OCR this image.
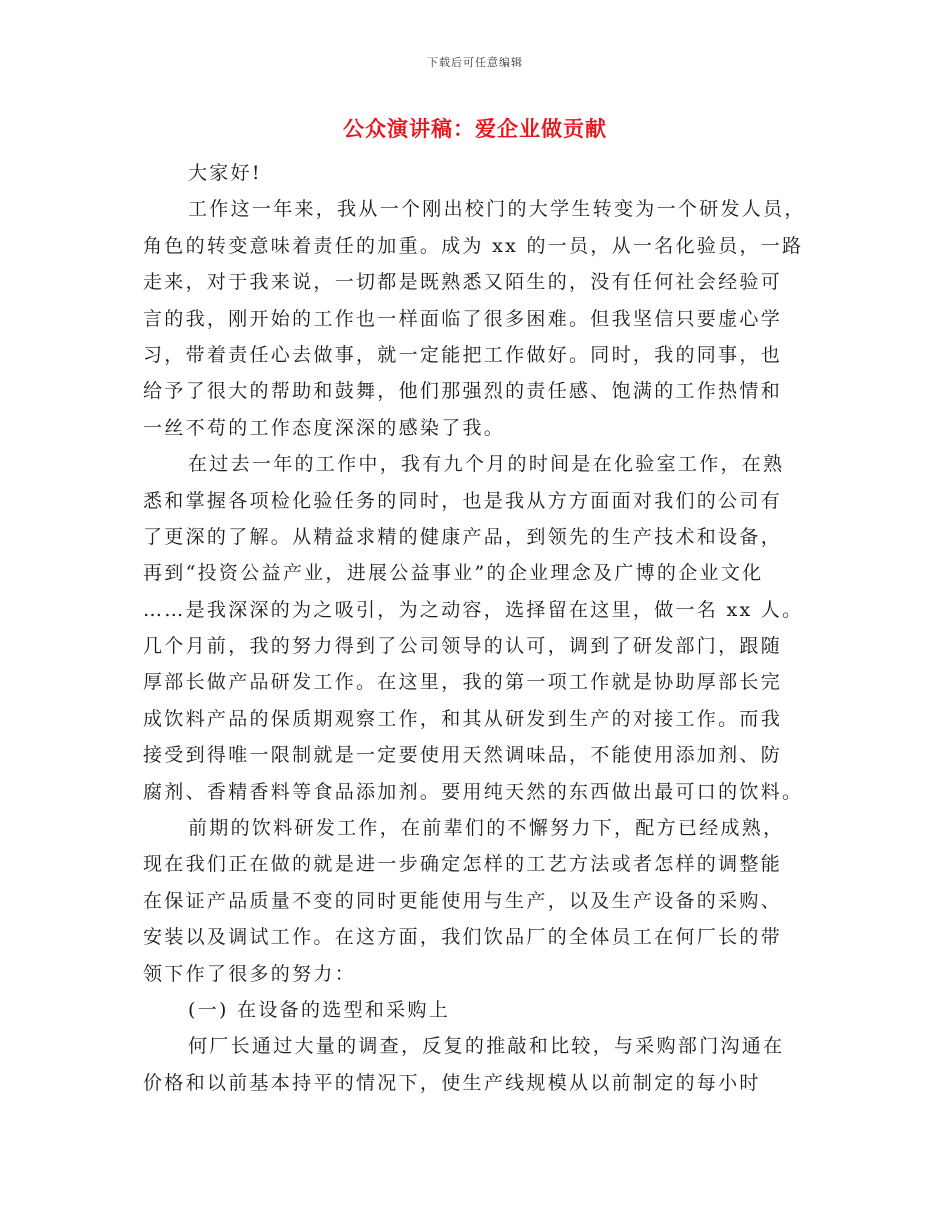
下载后可任意编辑
公众演讲稿：爱企业做贡献
大家好!
工作这一年来，我从一个刚出校门的大学生转变为一个研发人员，
角色的转变意味着责任的加重。成为 xx 的一员，从一名化验员，一路
走来，对于我来说，一切都是既熟悉又陌生的，没有任何社会经验可
言的我，刚开始的工作也一样面临了很多困难。但我坚信只要虚心学
习，带着责任心去做事，就一定能把工作做好。同时，我的同事，也
给予了很大的帮助和鼓舞，他们那强烈的责任感、饱满的工作热情和
一丝不苟的工作态度深深的感染了我。
在过去一年的工作中，我有九个月的时间是在化验室工作，在熟
悉和掌握各项检化验任务的同时，也是我从方方面面对我们的公司有
了更深的了解。从精益求精的健康产品，到领先的生产技术和设备，
再到“投资公益产业，进展公益事业”的企业理念及广博的企业文化
……是我深深的为之吸引，为之动容，选择留在这里，做一名 xx 人。
几个月前，我的努力得到了公司领导的认可，调到了研发部门，跟随
厚部长做产品研发工作。在这里，我的第一项工作就是协助厚部长完
成饮料产品的保质期观察工作，和其从研发到生产的对接工作。而我
接受到得唯一限制就是一定要使用天然调味品，不能使用添加剂、防
腐剂、香精香料等食品添加剂。要用纯天然的东西做出最可口的饮料。
前期的饮料研发工作，在前辈们的不懈努力下，配方已经成熟，
现在我们正在做的就是进一步确定怎样的工艺方法或者怎样的调整能
在保证产品质量不变的同时更能使用与生产，以及生产设备的采购、
安装以及调试工作。在这方面，我们饮品厂的全体员工在何厂长的带
领下作了很多的努力：
(一) 在设备的选型和采购上
何厂长通过大量的调查，反复的推敲和比较，与采购部门沟通在
价格和以前基本持平的情况下，使生产线规模从以前制定的每小时
